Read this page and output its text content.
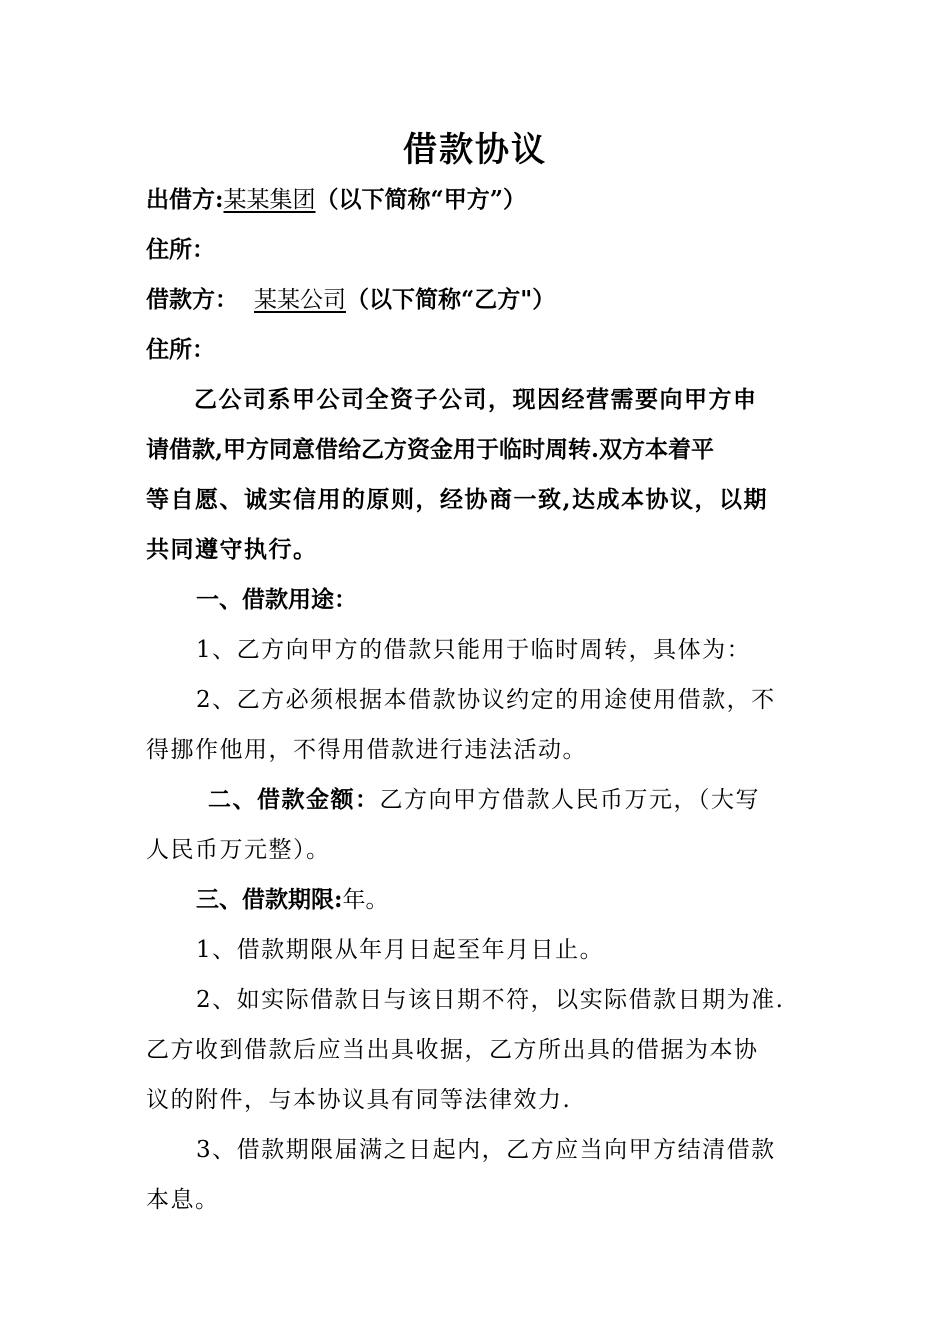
借款协议
出借方:某某集团（以下简称“甲方”）
住所：
借款方： 某某公司（以下简称“乙方"）
住所：
乙公司系甲公司全资子公司，现因经营需要向甲方申
请借款,甲方同意借给乙方资金用于临时周转.双方本着平
等自愿、诚实信用的原则，经协商一致,达成本协议，以期
共同遵守执行。
一、借款用途：
1、乙方向甲方的借款只能用于临时周转，具体为：
2、乙方必须根据本借款协议约定的用途使用借款，不
得挪作他用，不得用借款进行违法活动。
二、借款金额：乙方向甲方借款人民币万元，（大写
人民币万元整）。
三、借款期限:年。
1、借款期限从年月日起至年月日止。
2、如实际借款日与该日期不符，以实际借款日期为准.
乙方收到借款后应当出具收据，乙方所出具的借据为本协
议的附件，与本协议具有同等法律效力.
3、借款期限届满之日起内，乙方应当向甲方结清借款
本息。
